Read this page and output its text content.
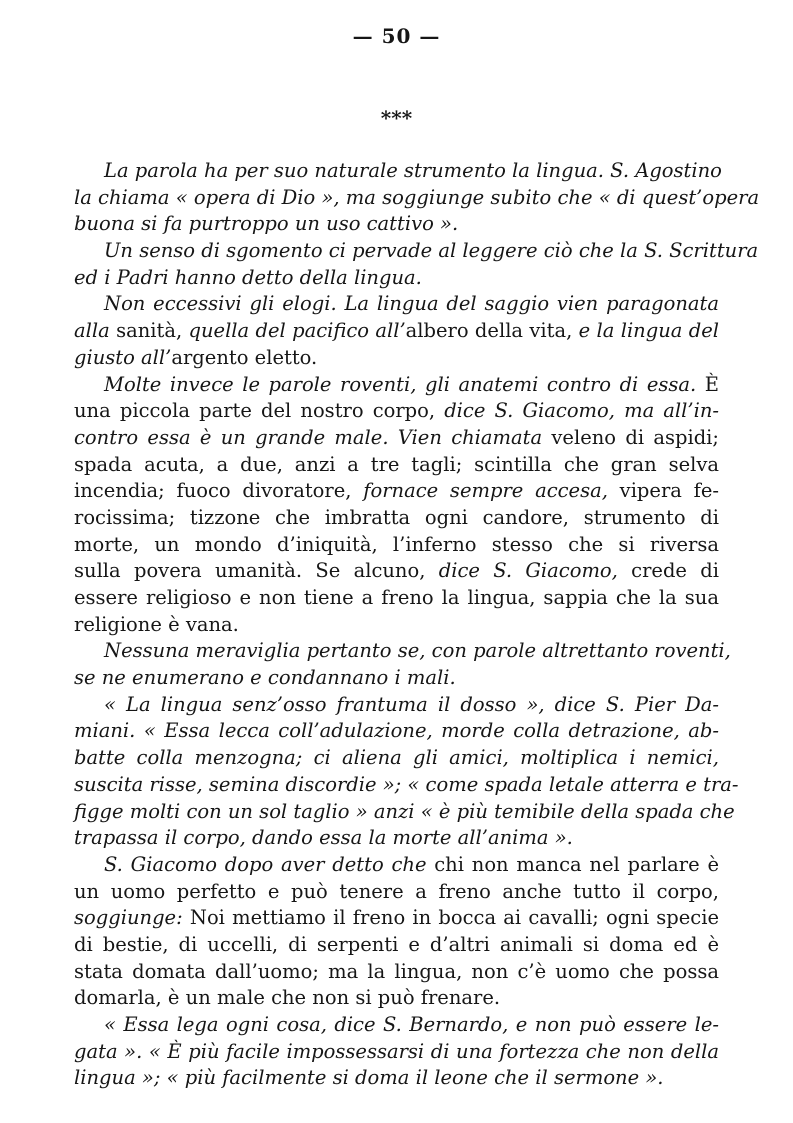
— 50 —
***
La parola ha per suo naturale strumento la lingua. S. Agostino
la chiama « opera di Dio », ma soggiunge subito che « di quest’opera
buona si fa purtroppo un uso cattivo ».
Un senso di sgomento ci pervade al leggere ciò che la S. Scrittura
ed i Padri hanno detto della lingua.
Non eccessivi gli elogi. La lingua del saggio vien paragonata
alla sanità, quella del pacifico all’albero della vita, e la lingua del
giusto all’argento eletto.
Molte invece le parole roventi, gli anatemi contro di essa. È
una piccola parte del nostro corpo, dice S. Giacomo, ma all’in-
contro essa è un grande male. Vien chiamata veleno di aspidi;
spada acuta, a due, anzi a tre tagli; scintilla che gran selva
incendia; fuoco divoratore, fornace sempre accesa, vipera fe-
rocissima; tizzone che imbratta ogni candore, strumento di
morte, un mondo d’iniquità, l’inferno stesso che si riversa
sulla povera umanità. Se alcuno, dice S. Giacomo, crede di
essere religioso e non tiene a freno la lingua, sappia che la sua
religione è vana.
Nessuna meraviglia pertanto se, con parole altrettanto roventi,
se ne enumerano e condannano i mali.
« La lingua senz’osso frantuma il dosso », dice S. Pier Da-
miani. « Essa lecca coll’adulazione, morde colla detrazione, ab-
batte colla menzogna; ci aliena gli amici, moltiplica i nemici,
suscita risse, semina discordie »; « come spada letale atterra e tra-
figge molti con un sol taglio » anzi « è più temibile della spada che
trapassa il corpo, dando essa la morte all’anima ».
S. Giacomo dopo aver detto che chi non manca nel parlare è
un uomo perfetto e può tenere a freno anche tutto il corpo,
soggiunge: Noi mettiamo il freno in bocca ai cavalli; ogni specie
di bestie, di uccelli, di serpenti e d’altri animali si doma ed è
stata domata dall’uomo; ma la lingua, non c’è uomo che possa
domarla, è un male che non si può frenare.
« Essa lega ogni cosa, dice S. Bernardo, e non può essere le-
gata ». « È più facile impossessarsi di una fortezza che non della
lingua »; « più facilmente si doma il leone che il sermone ».
